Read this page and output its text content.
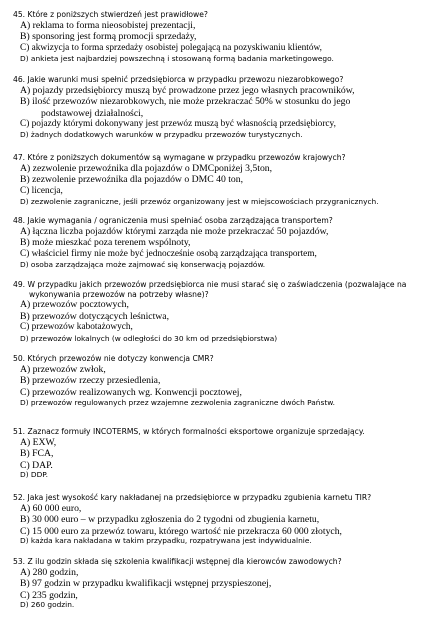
45. Które z poniższych stwierdzeń jest prawidłowe?
A) reklama to forma nieosobistej prezentacji,
B) sponsoring jest formą promocji sprzedaży,
C) akwizycja to forma sprzedaży osobistej polegającą na pozyskiwaniu klientów,
D) ankieta jest najbardziej powszechną i stosowaną formą badania marketingowego.
46. Jakie warunki musi spełnić przedsiębiorca w przypadku przewozu niezarobkowego?
A) pojazdy przedsiębiorcy muszą być prowadzone przez jego własnych pracowników,
B) ilość przewozów niezarobkowych, nie może przekraczać 50% w stosunku do jego
podstawowej działalności,
C) pojazdy którymi dokonywany jest przewóz muszą być własnością przedsiębiorcy,
D) żadnych dodatkowych warunków w przypadku przewozów turystycznych.
47. Które z poniższych dokumentów są wymagane w przypadku przewozów krajowych?
A) zezwolenie przewoźnika dla pojazdów o DMCponiżej 3,5ton,
B) zezwolenie przewoźnika dla pojazdów o DMC 40 ton,
C) licencja,
D) zezwolenie zagraniczne, jeśli przewóz organizowany jest w miejscowościach przygranicznych.
48. Jakie wymagania / ograniczenia musi spełniać osoba zarządzająca transportem?
A) łączna liczba pojazdów którymi zarząda nie może przekraczać 50 pojazdów,
B) może mieszkać poza terenem wspólnoty,
C) właściciel firmy nie może być jednocześnie osobą zarządzająca transportem,
D) osoba zarządzająca może zajmować się konserwacją pojazdów.
49. W przypadku jakich przewozów przedsiębiorca nie musi starać się o zaświadczenia (pozwalające na wykonywania przewozów na potrzeby własne)?
A) przewozów pocztowych,
B) przewozów dotyczących leśnictwa,
C) przewozów kabotażowych,
D) przewozów lokalnych (w odległości do 30 km od przedsiębiorstwa)
50. Których przewozów nie dotyczy konwencja CMR?
A) przewozów zwłok,
B) przewozów rzeczy przesiedlenia,
C) przewozów realizowanych wg. Konwencji pocztowej,
D) przewozów regulowanych przez wzajemne zezwolenia zagraniczne dwóch Państw.
51. Zaznacz formuły INCOTERMS, w których formalności eksportowe organizuje sprzedający.
A) EXW,
B) FCA,
C) DAP.
D) DDP.
52. Jaka jest wysokość kary nakładanej na przedsiębiorce w przypadku zgubienia karnetu TIR?
A) 60 000 euro,
B) 30 000 euro – w przypadku zgłoszenia do 2 tygodni od zbugienia karnetu,
C) 15 000 euro za przewóz towaru, którego wartość nie przekracza 60 000 złotych,
D) każda kara nakładana w takim przypadku, rozpatrywana jest indywidualnie.
53. Z ilu godzin składa się szkolenia kwalifikacji wstępnej dla kierowców zawodowych?
A) 280 godzin,
B) 97 godzin w przypadku kwalifikacji wstępnej przyspieszonej,
C) 235 godzin,
D) 260 godzin.
